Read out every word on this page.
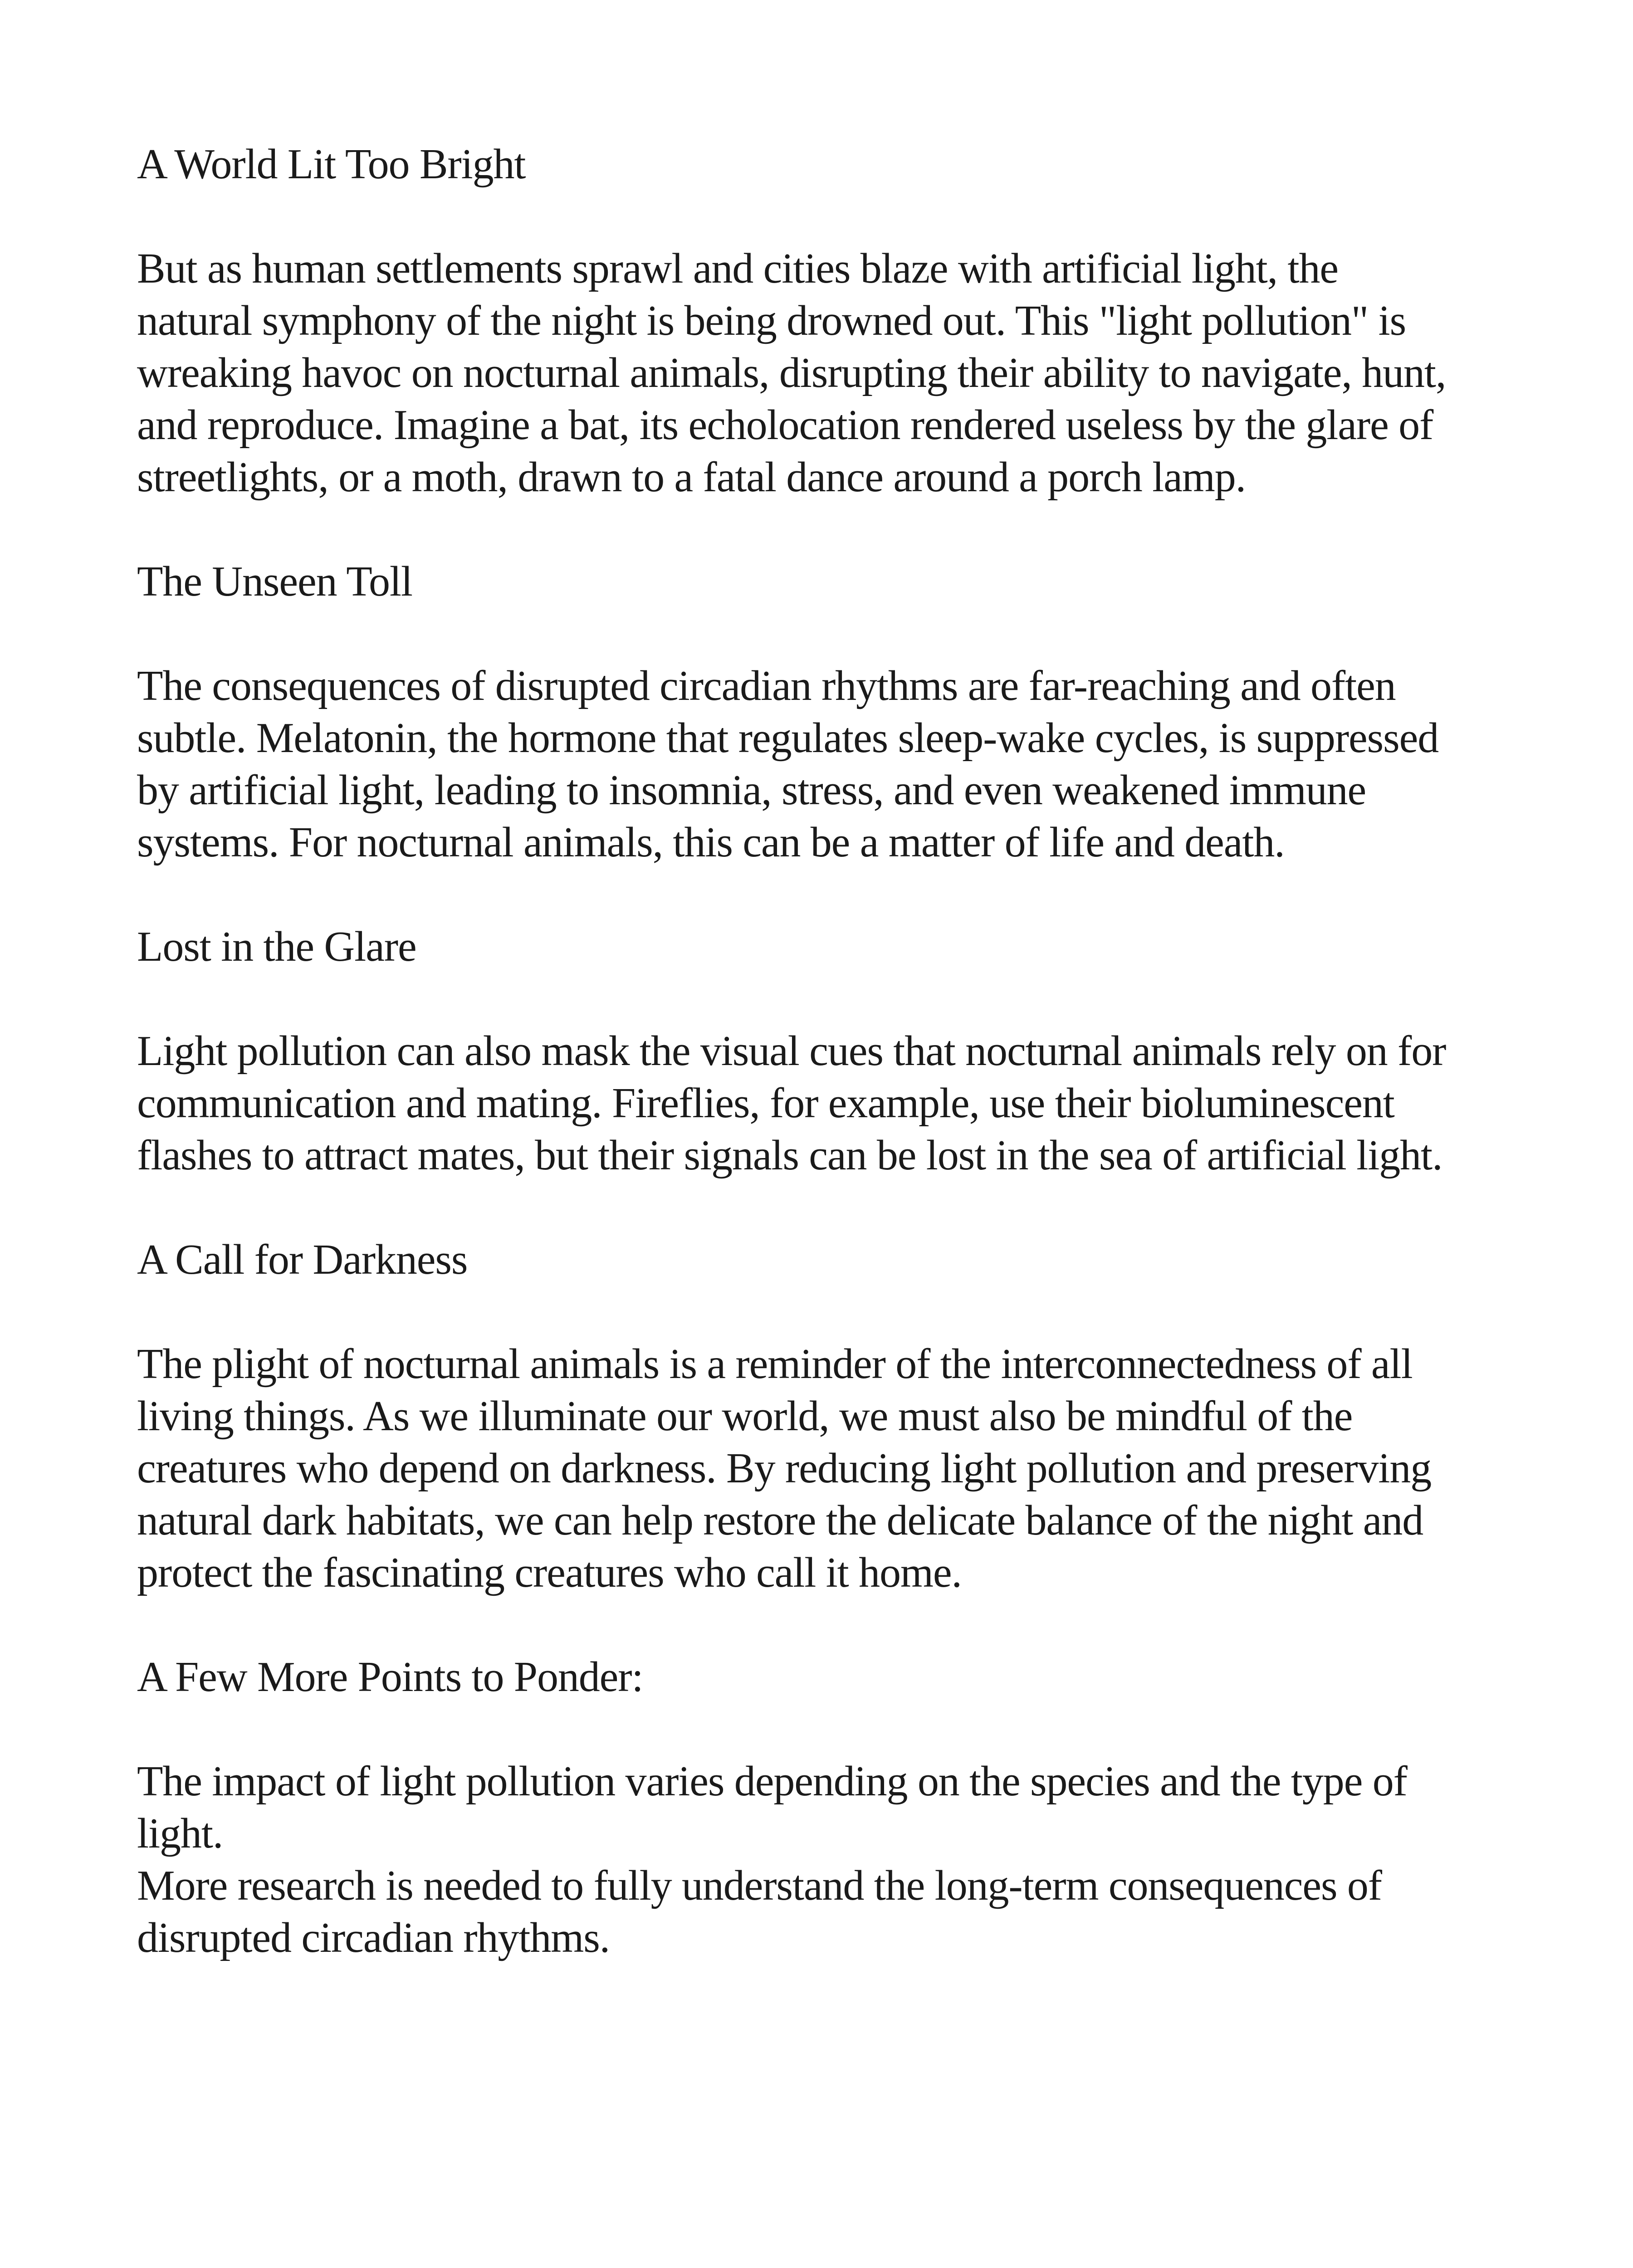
A World Lit Too Bright

But as human settlements sprawl and cities blaze with artificial light, the natural symphony of the night is being drowned out. This "light pollution" is wreaking havoc on nocturnal animals, disrupting their ability to navigate, hunt, and reproduce. Imagine a bat, its echolocation rendered useless by the glare of streetlights, or a moth, drawn to a fatal dance around a porch lamp.

The Unseen Toll

The consequences of disrupted circadian rhythms are far-reaching and often subtle. Melatonin, the hormone that regulates sleep-wake cycles, is suppressed by artificial light, leading to insomnia, stress, and even weakened immune systems. For nocturnal animals, this can be a matter of life and death.

Lost in the Glare

Light pollution can also mask the visual cues that nocturnal animals rely on for communication and mating. Fireflies, for example, use their bioluminescent flashes to attract mates, but their signals can be lost in the sea of artificial light.

A Call for Darkness

The plight of nocturnal animals is a reminder of the interconnectedness of all living things. As we illuminate our world, we must also be mindful of the creatures who depend on darkness. By reducing light pollution and preserving natural dark habitats, we can help restore the delicate balance of the night and protect the fascinating creatures who call it home.

A Few More Points to Ponder:

The impact of light pollution varies depending on the species and the type of light.

More research is needed to fully understand the long-term consequences of disrupted circadian rhythms.
